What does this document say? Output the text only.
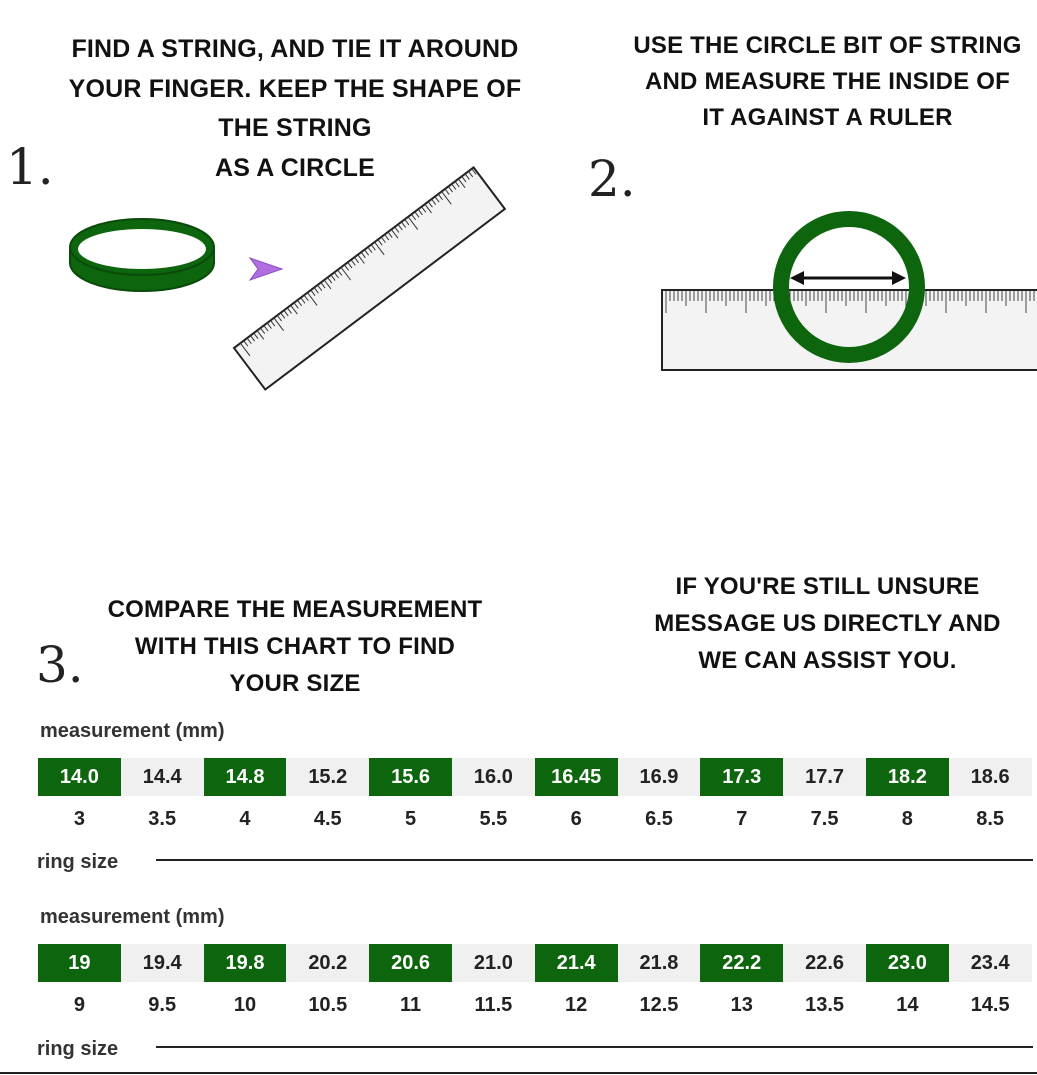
FIND A STRING, AND TIE IT AROUND
YOUR FINGER. KEEP THE SHAPE OF
THE STRING
AS A CIRCLE
USE THE CIRCLE BIT OF STRING
AND MEASURE THE INSIDE OF
IT AGAINST A RULER
COMPARE THE MEASUREMENT
WITH THIS CHART TO FIND
YOUR SIZE
IF YOU'RE STILL UNSURE
MESSAGE US DIRECTLY AND
WE CAN ASSIST YOU.
1.	2.
3.
measurement (mm)
14.0	14.4	14.8	15.2	15.6	16.0	16.45	16.9	17.3	17.7	18.2	18.6
3	3.5	4	4.5	5	5.5	6	6.5	7	7.5	8	8.5
ring size
measurement (mm)
19	19.4	19.8	20.2	20.6	21.0	21.4	21.8	22.2	22.6	23.0	23.4
9	9.5	10	10.5	11	11.5	12	12.5	13	13.5	14	14.5
ring size
